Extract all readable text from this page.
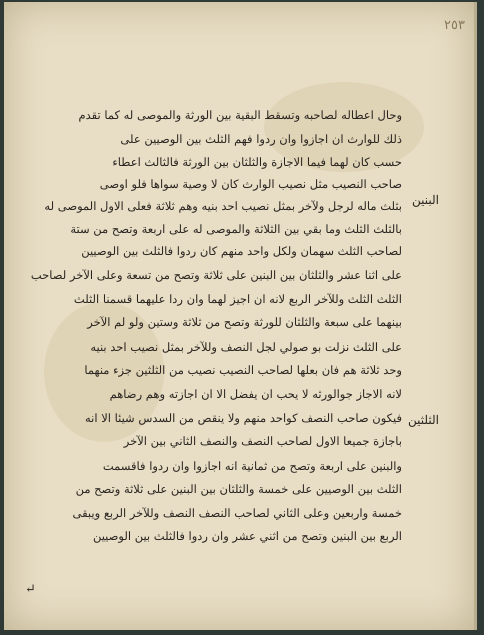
٢٥٣
البنين
الثلثين
وحال اعطاله لصاحبه وتسقط البقية بين الورثة والموصى له كما تقدم
ذلك للوارث ان اجازوا وان ردوا فهم الثلث بين الوصيين على
حسب كان لهما فيما الاجازة والثلثان بين الورثة فالثالث اعطاء
صاحب النصيب مثل نصيب الوارث كان لا وصية سواها فلو اوصى
بثلث ماله لرجل ولآخر بمثل نصيب احد بنيه وهم ثلاثة فعلى الاول الموصى له
بالثلث الثلث وما بقي بين الثلاثة والموصى له على اربعة وتصح من ستة
لصاحب الثلث سهمان ولكل واحد منهم كان ردوا فالثلث بين الوصيين
على اثنا عشر والثلثان بين البنين على ثلاثة وتصح من تسعة وعلى الآخر لصاحب
الثلث الثلث وللآخر الربع لانه ان اجيز لهما وان ردا عليهما قسمنا الثلث
بينهما على سبعة والثلثان للورثة وتصح من ثلاثة وستين ولو لم الآخر
على الثلث نزلت بو صولي لجل النصف وللآخر بمثل نصيب احد بنيه
وحد ثلاثة هم فان بعلها لصاحب النصيب نصيب من الثلثين جزء منهما
لانه الاجاز جوالورثه لا يحب ان يفضل الا ان اجازته وهم رضاهم
فيكون صاحب النصف كواحد منهم ولا ينقص من السدس شيئا الا انه
باجازة جميعا الاول لصاحب النصف والنصف الثاني بين الآخر
والبنين على اربعة وتصح من ثمانية انه اجازوا وان ردوا فاقسمت
الثلث بين الوصيين على خمسة والثلثان بين البنين على ثلاثة وتصح من
خمسة واربعين وعلى الثاني لصاحب النصف النصف وللآخر الربع ويبقى
الربع بين البنين وتصح من اثني عشر وان ردوا فالثلث بين الوصيين
↵
